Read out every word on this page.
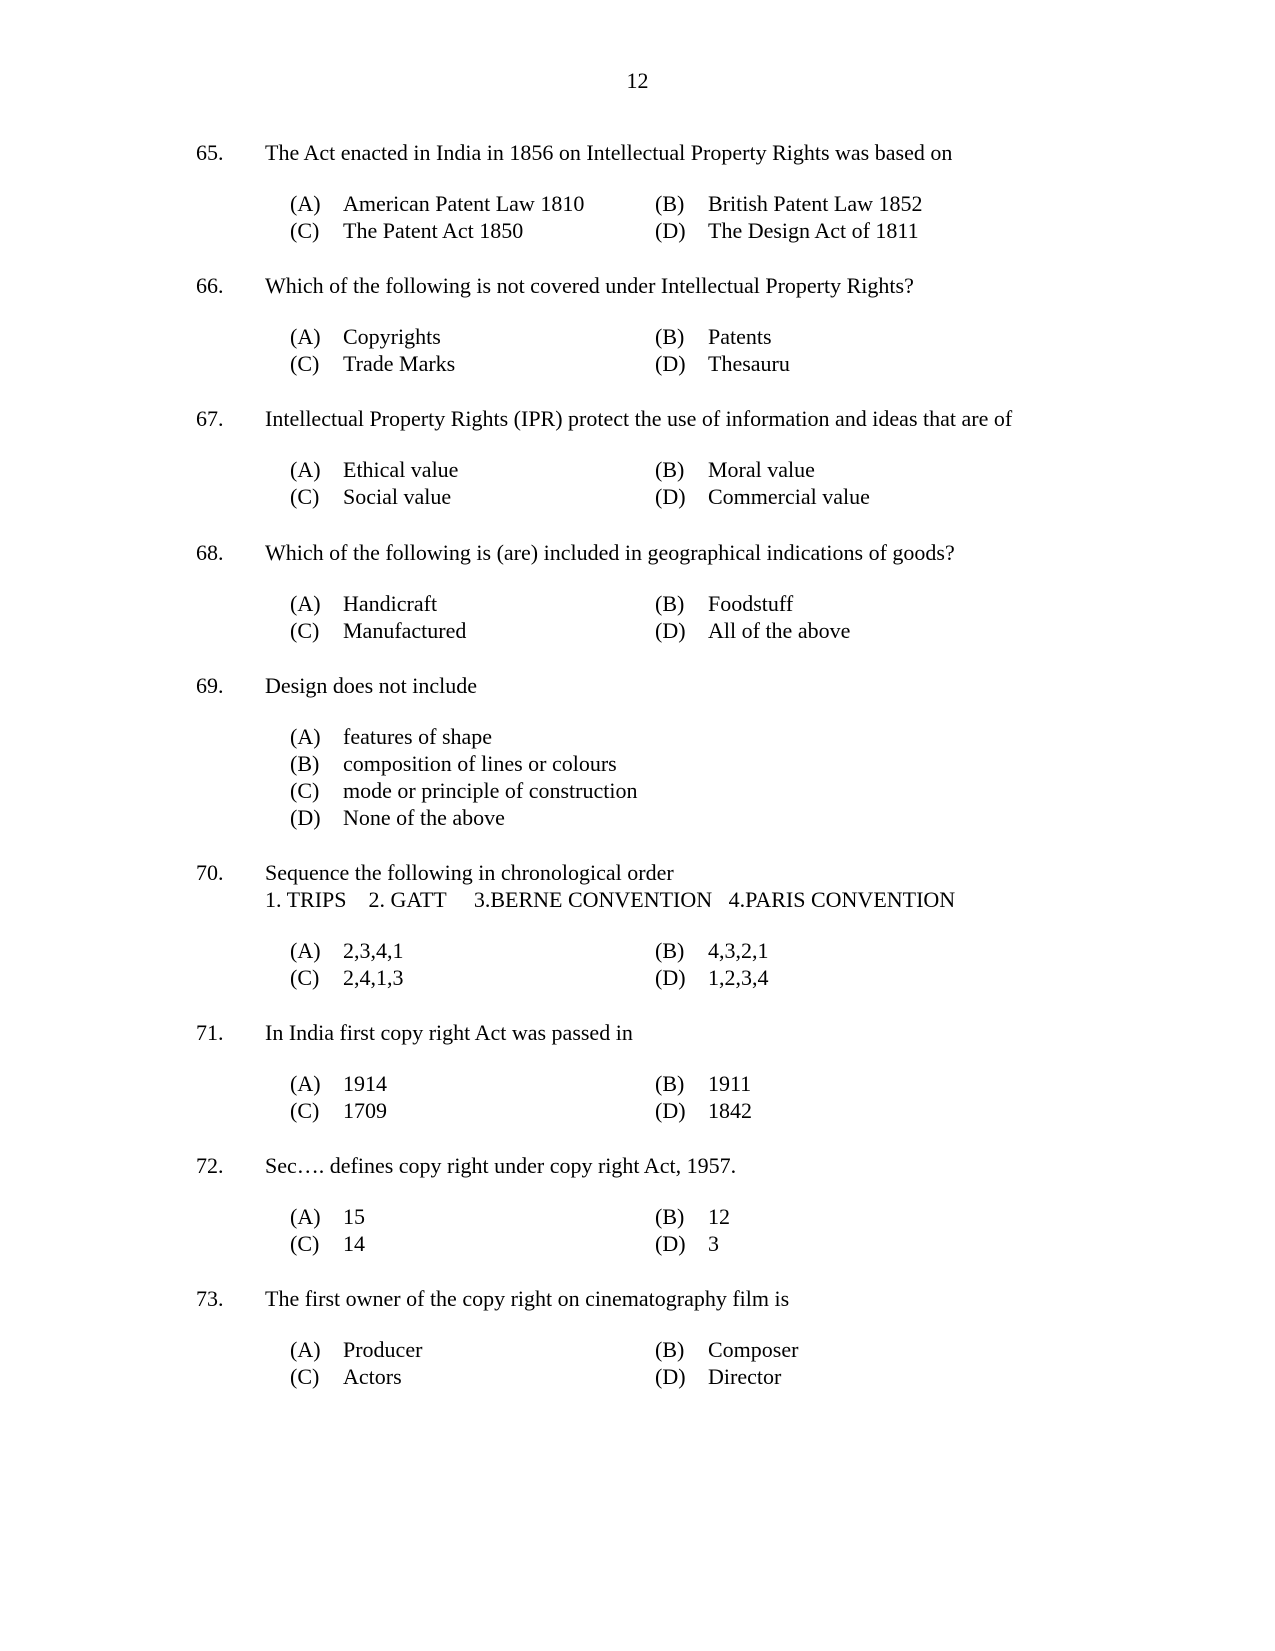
12
65. The Act enacted in India in 1856 on Intellectual Property Rights was based on
(A) American Patent Law 1810	(B) British Patent Law 1852
(C) The Patent Act 1850	(D) The Design Act of 1811
66. Which of the following is not covered under Intellectual Property Rights?
(A) Copyrights	(B) Patents
(C) Trade Marks	(D) Thesauru
67. Intellectual Property Rights (IPR) protect the use of information and ideas that are of
(A) Ethical value	(B) Moral value
(C) Social value	(D) Commercial value
68. Which of the following is (are) included in geographical indications of goods?
(A) Handicraft	(B) Foodstuff
(C) Manufactured	(D) All of the above
69. Design does not include
(A) features of shape
(B) composition of lines or colours
(C) mode or principle of construction
(D) None of the above
70. Sequence the following in chronological order
1. TRIPS    2. GATT     3.BERNE CONVENTION   4.PARIS CONVENTION
(A) 2,3,4,1	(B) 4,3,2,1
(C) 2,4,1,3	(D) 1,2,3,4
71. In India first copy right Act was passed in
(A) 1914	(B) 1911
(C) 1709	(D) 1842
72. Sec…. defines copy right under copy right Act, 1957.
(A) 15	(B) 12
(C) 14	(D) 3
73. The first owner of the copy right on cinematography film is
(A) Producer	(B) Composer
(C) Actors	(D) Director
